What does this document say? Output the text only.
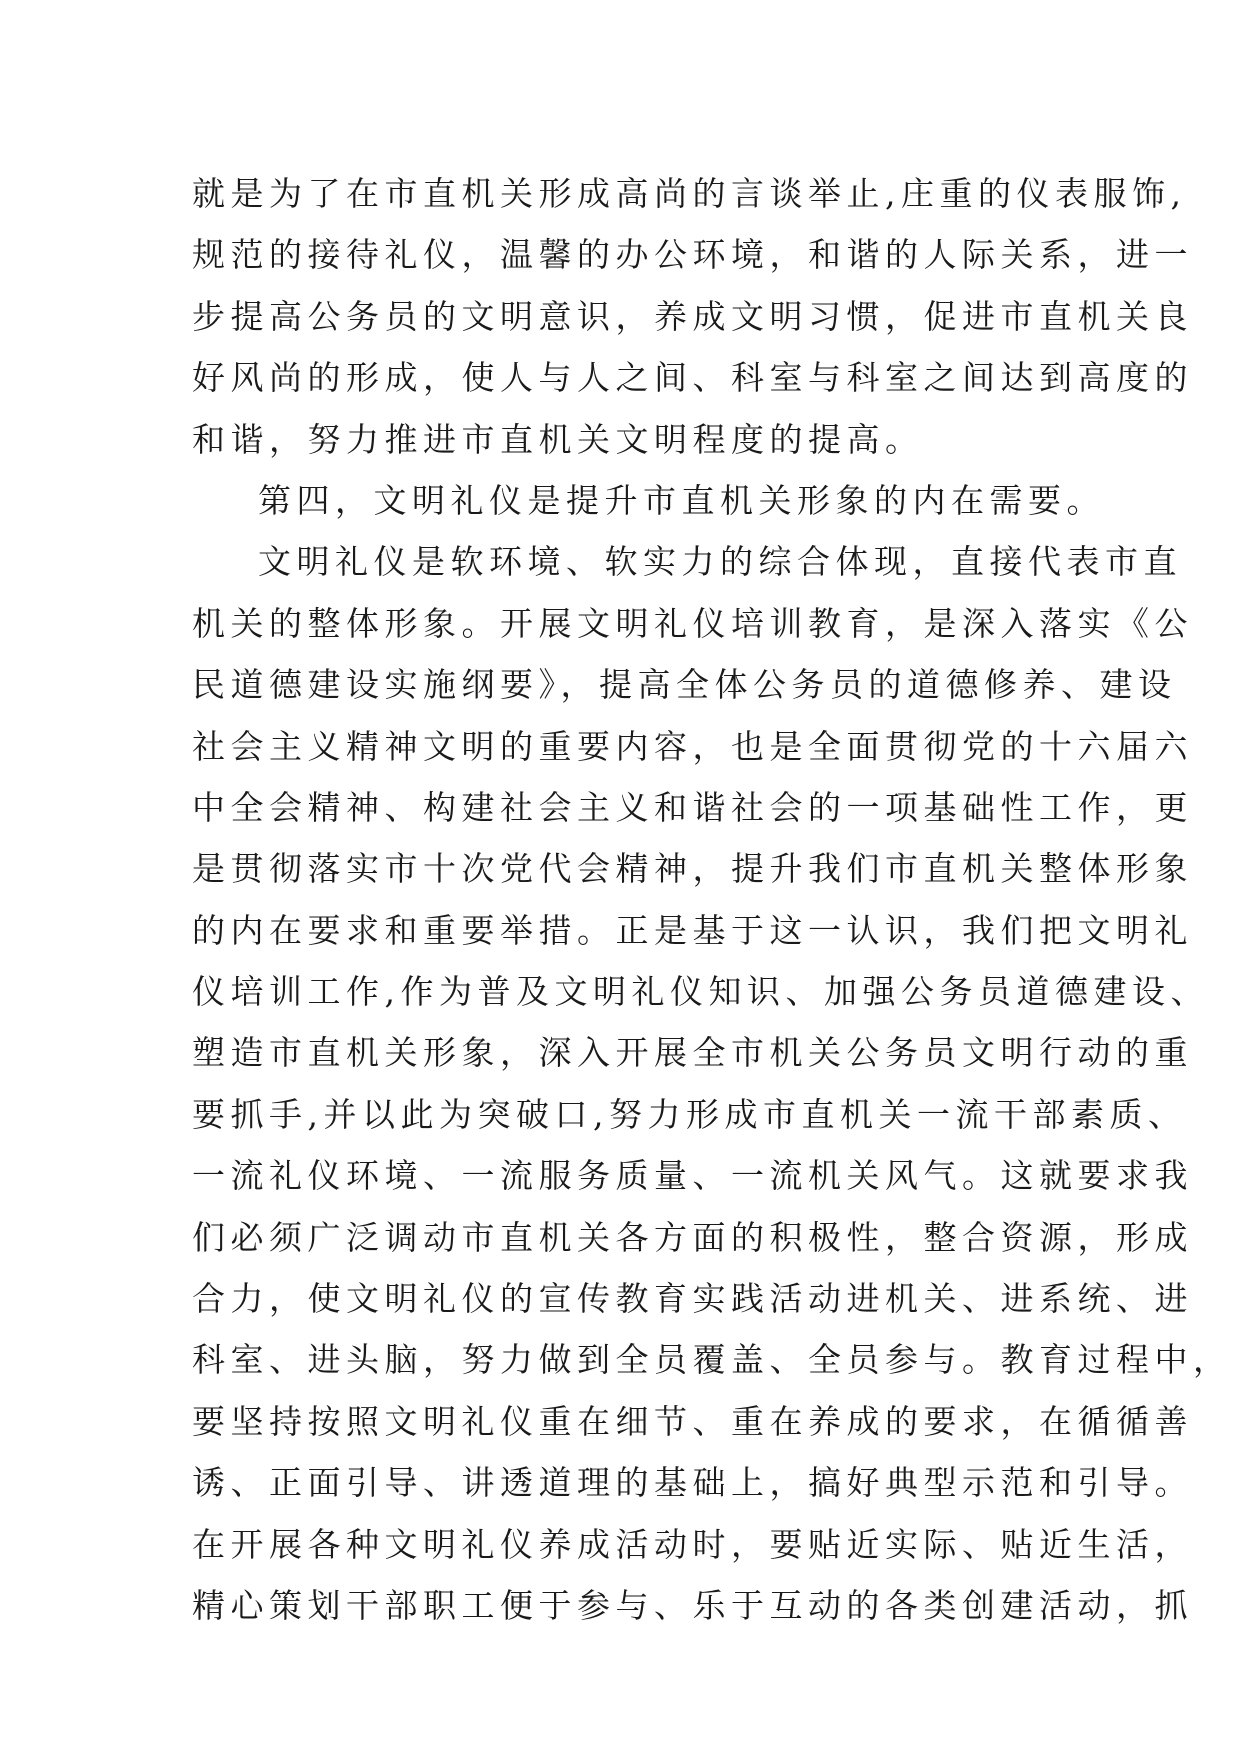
就是为了在市直机关形成高尚的言谈举止,庄重的仪表服饰,
规范的接待礼仪，温馨的办公环境，和谐的人际关系，进一
步提高公务员的文明意识，养成文明习惯，促进市直机关良
好风尚的形成，使人与人之间、科室与科室之间达到高度的
和谐，努力推进市直机关文明程度的提高。
第四，文明礼仪是提升市直机关形象的内在需要。
文明礼仪是软环境、软实力的综合体现，直接代表市直
机关的整体形象。开展文明礼仪培训教育，是深入落实《公
民道德建设实施纲要》，提高全体公务员的道德修养、建设
社会主义精神文明的重要内容，也是全面贯彻党的十六届六
中全会精神、构建社会主义和谐社会的一项基础性工作，更
是贯彻落实市十次党代会精神，提升我们市直机关整体形象
的内在要求和重要举措。正是基于这一认识，我们把文明礼
仪培训工作,作为普及文明礼仪知识、加强公务员道德建设、
塑造市直机关形象，深入开展全市机关公务员文明行动的重
要抓手,并以此为突破口,努力形成市直机关一流干部素质、
一流礼仪环境、一流服务质量、一流机关风气。这就要求我
们必须广泛调动市直机关各方面的积极性，整合资源，形成
合力，使文明礼仪的宣传教育实践活动进机关、进系统、进
科室、进头脑，努力做到全员覆盖、全员参与。教育过程中，
要坚持按照文明礼仪重在细节、重在养成的要求，在循循善
诱、正面引导、讲透道理的基础上，搞好典型示范和引导。
在开展各种文明礼仪养成活动时，要贴近实际、贴近生活，
精心策划干部职工便于参与、乐于互动的各类创建活动，抓
